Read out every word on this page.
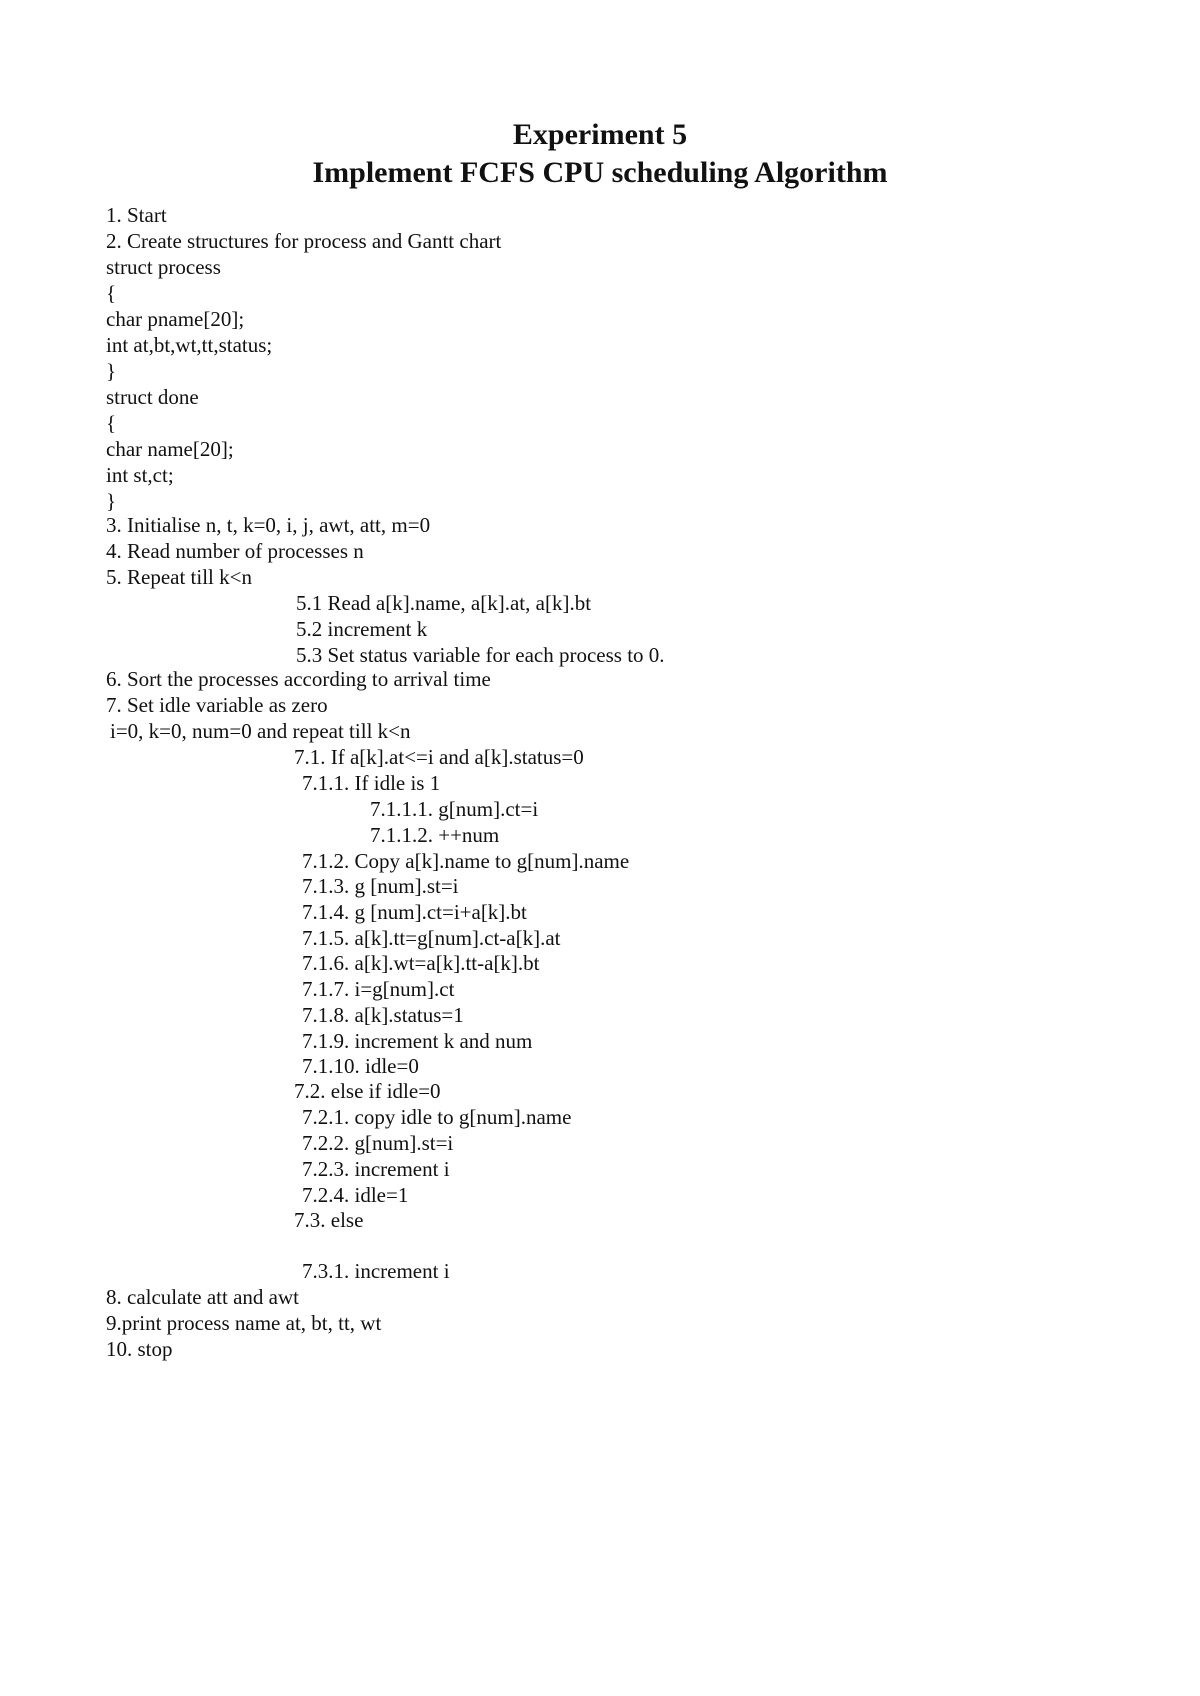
Experiment 5
Implement FCFS CPU scheduling Algorithm

1. Start

2. Create structures for process and Gantt chart

struct process

{

char pname[20];

int at,bt,wt,tt,status;

}

struct done

{

char name[20];

int st,ct;

}

3. Initialise n, t, k=0, i, j, awt, att, m=0

4. Read number of processes n

5. Repeat till k<n

5.1 Read a[k].name, a[k].at, a[k].bt

5.2 increment k

5.3 Set status variable for each process to 0.

6. Sort the processes according to arrival time

7. Set idle variable as zero

i=0, k=0, num=0 and repeat till k<n

7.1. If a[k].at<=i and a[k].status=0

7.1.1. If idle is 1

7.1.1.1. g[num].ct=i

7.1.1.2. ++num

7.1.2. Copy a[k].name to g[num].name

7.1.3. g [num].st=i

7.1.4. g [num].ct=i+a[k].bt

7.1.5. a[k].tt=g[num].ct-a[k].at

7.1.6. a[k].wt=a[k].tt-a[k].bt

7.1.7. i=g[num].ct

7.1.8. a[k].status=1

7.1.9. increment k and num

7.1.10. idle=0

7.2. else if idle=0

7.2.1. copy idle to g[num].name

7.2.2. g[num].st=i

7.2.3. increment i

7.2.4. idle=1

7.3. else

7.3.1. increment i

8. calculate att and awt

9.print process name at, bt, tt, wt

10. stop
